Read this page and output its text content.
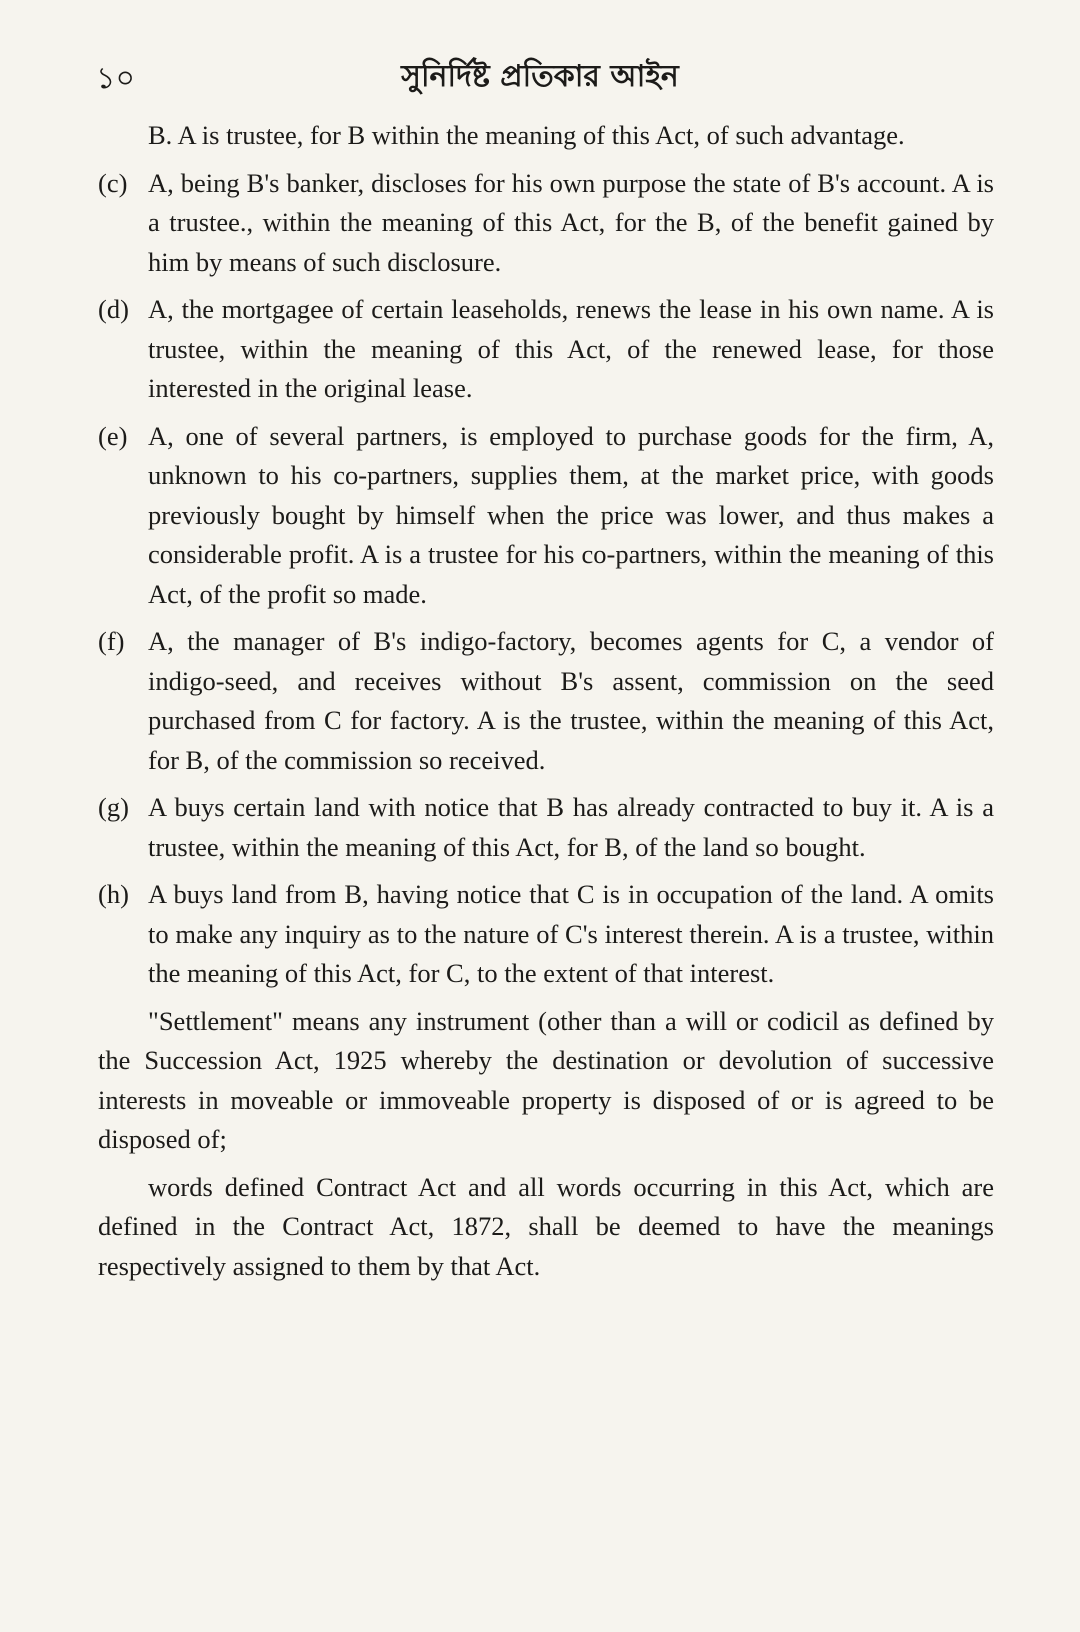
১০	সুনির্দিষ্ট প্রতিকার আইন
B. A is trustee, for B within the meaning of this Act, of such advantage.
(c) A, being B's banker, discloses for his own purpose the state of B's account. A is a trustee., within the meaning of this Act, for the B, of the benefit gained by him by means of such disclosure.
(d) A, the mortgagee of certain leaseholds, renews the lease in his own name. A is trustee, within the meaning of this Act, of the renewed lease, for those interested in the original lease.
(e) A, one of several partners, is employed to purchase goods for the firm, A, unknown to his co-partners, supplies them, at the market price, with goods previously bought by himself when the price was lower, and thus makes a considerable profit. A is a trustee for his co-partners, within the meaning of this Act, of the profit so made.
(f) A, the manager of B's indigo-factory, becomes agents for C, a vendor of indigo-seed, and receives without B's assent, commission on the seed purchased from C for factory. A is the trustee, within the meaning of this Act, for B, of the commission so received.
(g) A buys certain land with notice that B has already contracted to buy it. A is a trustee, within the meaning of this Act, for B, of the land so bought.
(h) A buys land from B, having notice that C is in occupation of the land. A omits to make any inquiry as to the nature of C's interest therein. A is a trustee, within the meaning of this Act, for C, to the extent of that interest.

"Settlement" means any instrument (other than a will or codicil as defined by the Succession Act, 1925 whereby the destination or devolution of successive interests in moveable or immoveable property is disposed of or is agreed to be disposed of;

words defined Contract Act and all words occurring in this Act, which are defined in the Contract Act, 1872, shall be deemed to have the meanings respectively assigned to them by that Act.
